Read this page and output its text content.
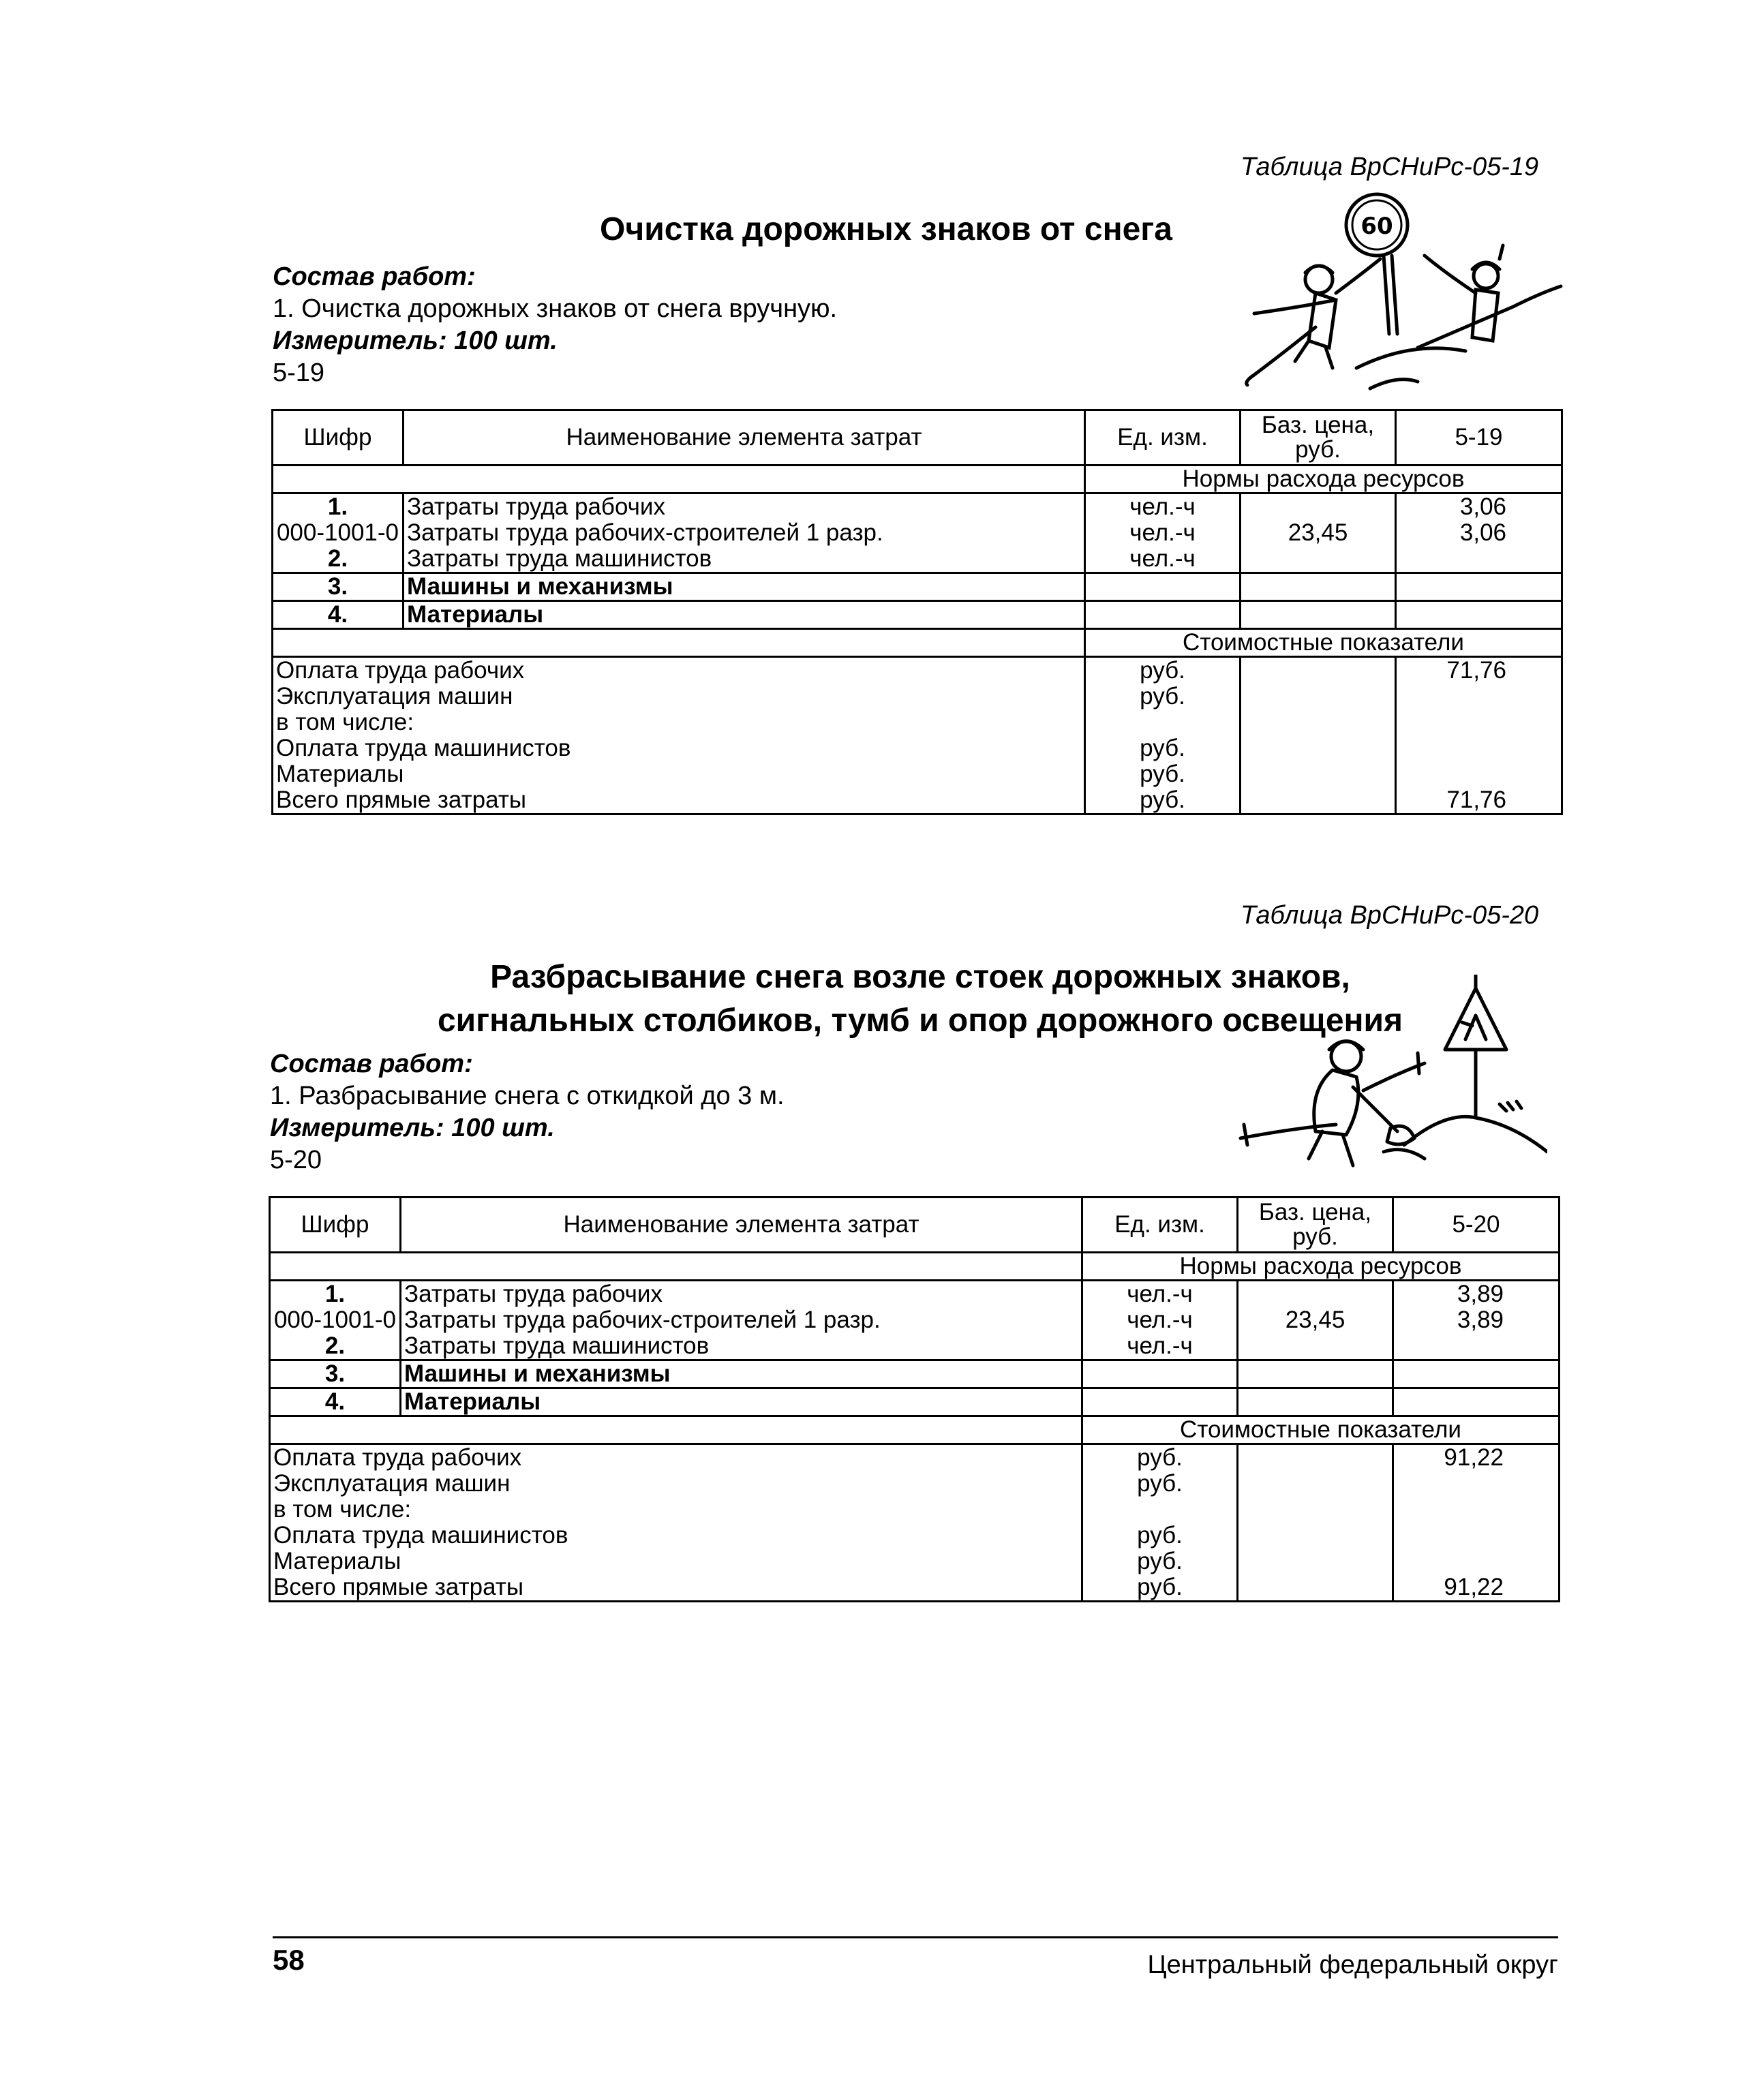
Таблица ВрСНиРс-05-19
Очистка дорожных знаков от снега	60
Состав работ:
1. Очистка дорожных знаков от снега вручную.
Измеритель: 100 шт.
5-19
Шифр	Наименование элемента затрат	Ед. изм.	Баз. цена, руб.	5-19
		Нормы расхода ресурсов		
1.	Затраты труда рабочих	чел.-ч		3,06
000-1001-0	Затраты труда рабочих-строителей 1 разр.	чел.-ч	23,45	3,06
2.	Затраты труда машинистов	чел.-ч		
3.	Машины и механизмы			
4.	Материалы			
		Стоимостные показатели		
Оплата труда рабочих		руб.		71,76
Эксплуатация машин		руб.		
в том числе:				
Оплата труда машинистов		руб.		
Материалы		руб.		
Всего прямые затраты		руб.		71,76
Таблица ВрСНиРс-05-20
Разбрасывание снега возле стоек дорожных знаков,
сигнальных столбиков, тумб и опор дорожного освещения
Состав работ:
1. Разбрасывание снега с откидкой до 3 м.
Измеритель: 100 шт.
5-20
Шифр	Наименование элемента затрат	Ед. изм.	Баз. цена, руб.	5-20
		Нормы расхода ресурсов		
1.	Затраты труда рабочих	чел.-ч		3,89
000-1001-0	Затраты труда рабочих-строителей 1 разр.	чел.-ч	23,45	3,89
2.	Затраты труда машинистов	чел.-ч		
3.	Машины и механизмы			
4.	Материалы			
		Стоимостные показатели		
Оплата труда рабочих		руб.		91,22
Эксплуатация машин		руб.		
в том числе:				
Оплата труда машинистов		руб.		
Материалы		руб.		
Всего прямые затраты		руб.		91,22
58	Центральный федеральный округ
